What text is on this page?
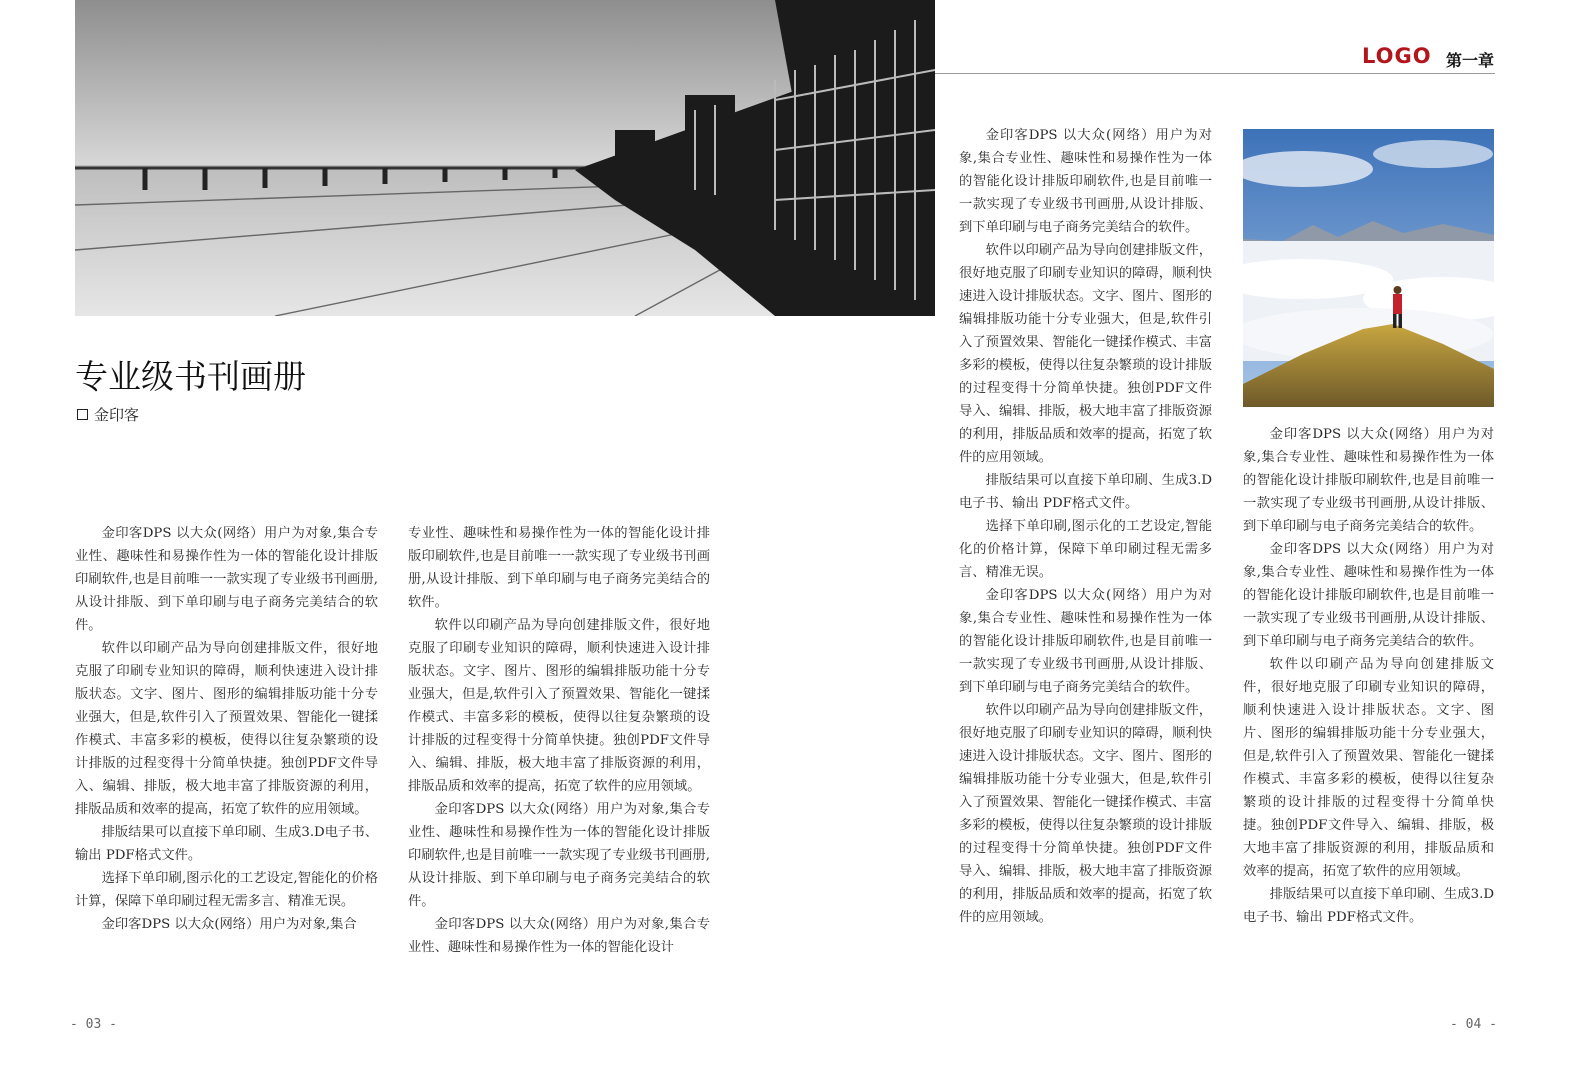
LOGO 第一章
专业级书刊画册
金印客

金印客DPS 以大众(网络）用户为对象,集合专业性、趣味性和易操作性为一体的智能化设计排版印刷软件,也是目前唯一一款实现了专业级书刊画册,从设计排版、到下单印刷与电子商务完美结合的软件。

软件以印刷产品为导向创建排版文件，很好地克服了印刷专业知识的障碍，顺利快速进入设计排版状态。文字、图片、图形的编辑排版功能十分专业强大，但是,软件引入了预置效果、智能化一键揉作模式、丰富多彩的模板，使得以往复杂繁琐的设计排版的过程变得十分简单快捷。独创PDF文件导入、编辑、排版，极大地丰富了排版资源的利用，排版品质和效率的提高，拓宽了软件的应用领域。

排版结果可以直接下单印刷、生成3.D电子书、输出 PDF格式文件。

选择下单印刷,图示化的工艺设定,智能化的价格计算，保障下单印刷过程无需多言、精准无误。

金印客DPS 以大众(网络）用户为对象,集合

专业性、趣味性和易操作性为一体的智能化设计排版印刷软件,也是目前唯一一款实现了专业级书刊画册,从设计排版、到下单印刷与电子商务完美结合的软件。

软件以印刷产品为导向创建排版文件，很好地克服了印刷专业知识的障碍，顺利快速进入设计排版状态。文字、图片、图形的编辑排版功能十分专业强大，但是,软件引入了预置效果、智能化一键揉作模式、丰富多彩的模板，使得以往复杂繁琐的设计排版的过程变得十分简单快捷。独创PDF文件导入、编辑、排版，极大地丰富了排版资源的利用，排版品质和效率的提高，拓宽了软件的应用领域。

金印客DPS 以大众(网络）用户为对象,集合专业性、趣味性和易操作性为一体的智能化设计排版印刷软件,也是目前唯一一款实现了专业级书刊画册,从设计排版、到下单印刷与电子商务完美结合的软件。

金印客DPS 以大众(网络）用户为对象,集合专业性、趣味性和易操作性为一体的智能化设计

金印客DPS 以大众(网络）用户为对象,集合专业性、趣味性和易操作性为一体的智能化设计排版印刷软件,也是目前唯一一款实现了专业级书刊画册,从设计排版、到下单印刷与电子商务完美结合的软件。

软件以印刷产品为导向创建排版文件，很好地克服了印刷专业知识的障碍，顺利快速进入设计排版状态。文字、图片、图形的编辑排版功能十分专业强大，但是,软件引入了预置效果、智能化一键揉作模式、丰富多彩的模板，使得以往复杂繁琐的设计排版的过程变得十分简单快捷。独创PDF文件导入、编辑、排版，极大地丰富了排版资源的利用，排版品质和效率的提高，拓宽了软件的应用领域。

排版结果可以直接下单印刷、生成3.D电子书、输出 PDF格式文件。

选择下单印刷,图示化的工艺设定,智能化的价格计算，保障下单印刷过程无需多言、精准无误。

金印客DPS 以大众(网络）用户为对象,集合专业性、趣味性和易操作性为一体的智能化设计排版印刷软件,也是目前唯一一款实现了专业级书刊画册,从设计排版、到下单印刷与电子商务完美结合的软件。

软件以印刷产品为导向创建排版文件，很好地克服了印刷专业知识的障碍，顺利快速进入设计排版状态。文字、图片、图形的编辑排版功能十分专业强大，但是,软件引入了预置效果、智能化一键揉作模式、丰富多彩的模板，使得以往复杂繁琐的设计排版的过程变得十分简单快捷。独创PDF文件导入、编辑、排版，极大地丰富了排版资源的利用，排版品质和效率的提高，拓宽了软件的应用领域。

金印客DPS 以大众(网络）用户为对象,集合专业性、趣味性和易操作性为一体的智能化设计排版印刷软件,也是目前唯一一款实现了专业级书刊画册,从设计排版、到下单印刷与电子商务完美结合的软件。

金印客DPS 以大众(网络）用户为对象,集合专业性、趣味性和易操作性为一体的智能化设计排版印刷软件,也是目前唯一一款实现了专业级书刊画册,从设计排版、到下单印刷与电子商务完美结合的软件。

软件以印刷产品为导向创建排版文件，很好地克服了印刷专业知识的障碍，顺利快速进入设计排版状态。文字、图片、图形的编辑排版功能十分专业强大，但是,软件引入了预置效果、智能化一键揉作模式、丰富多彩的模板，使得以往复杂繁琐的设计排版的过程变得十分简单快捷。独创PDF文件导入、编辑、排版，极大地丰富了排版资源的利用，排版品质和效率的提高，拓宽了软件的应用领域。

排版结果可以直接下单印刷、生成3.D电子书、输出 PDF格式文件。

- 03 -	- 04 -
